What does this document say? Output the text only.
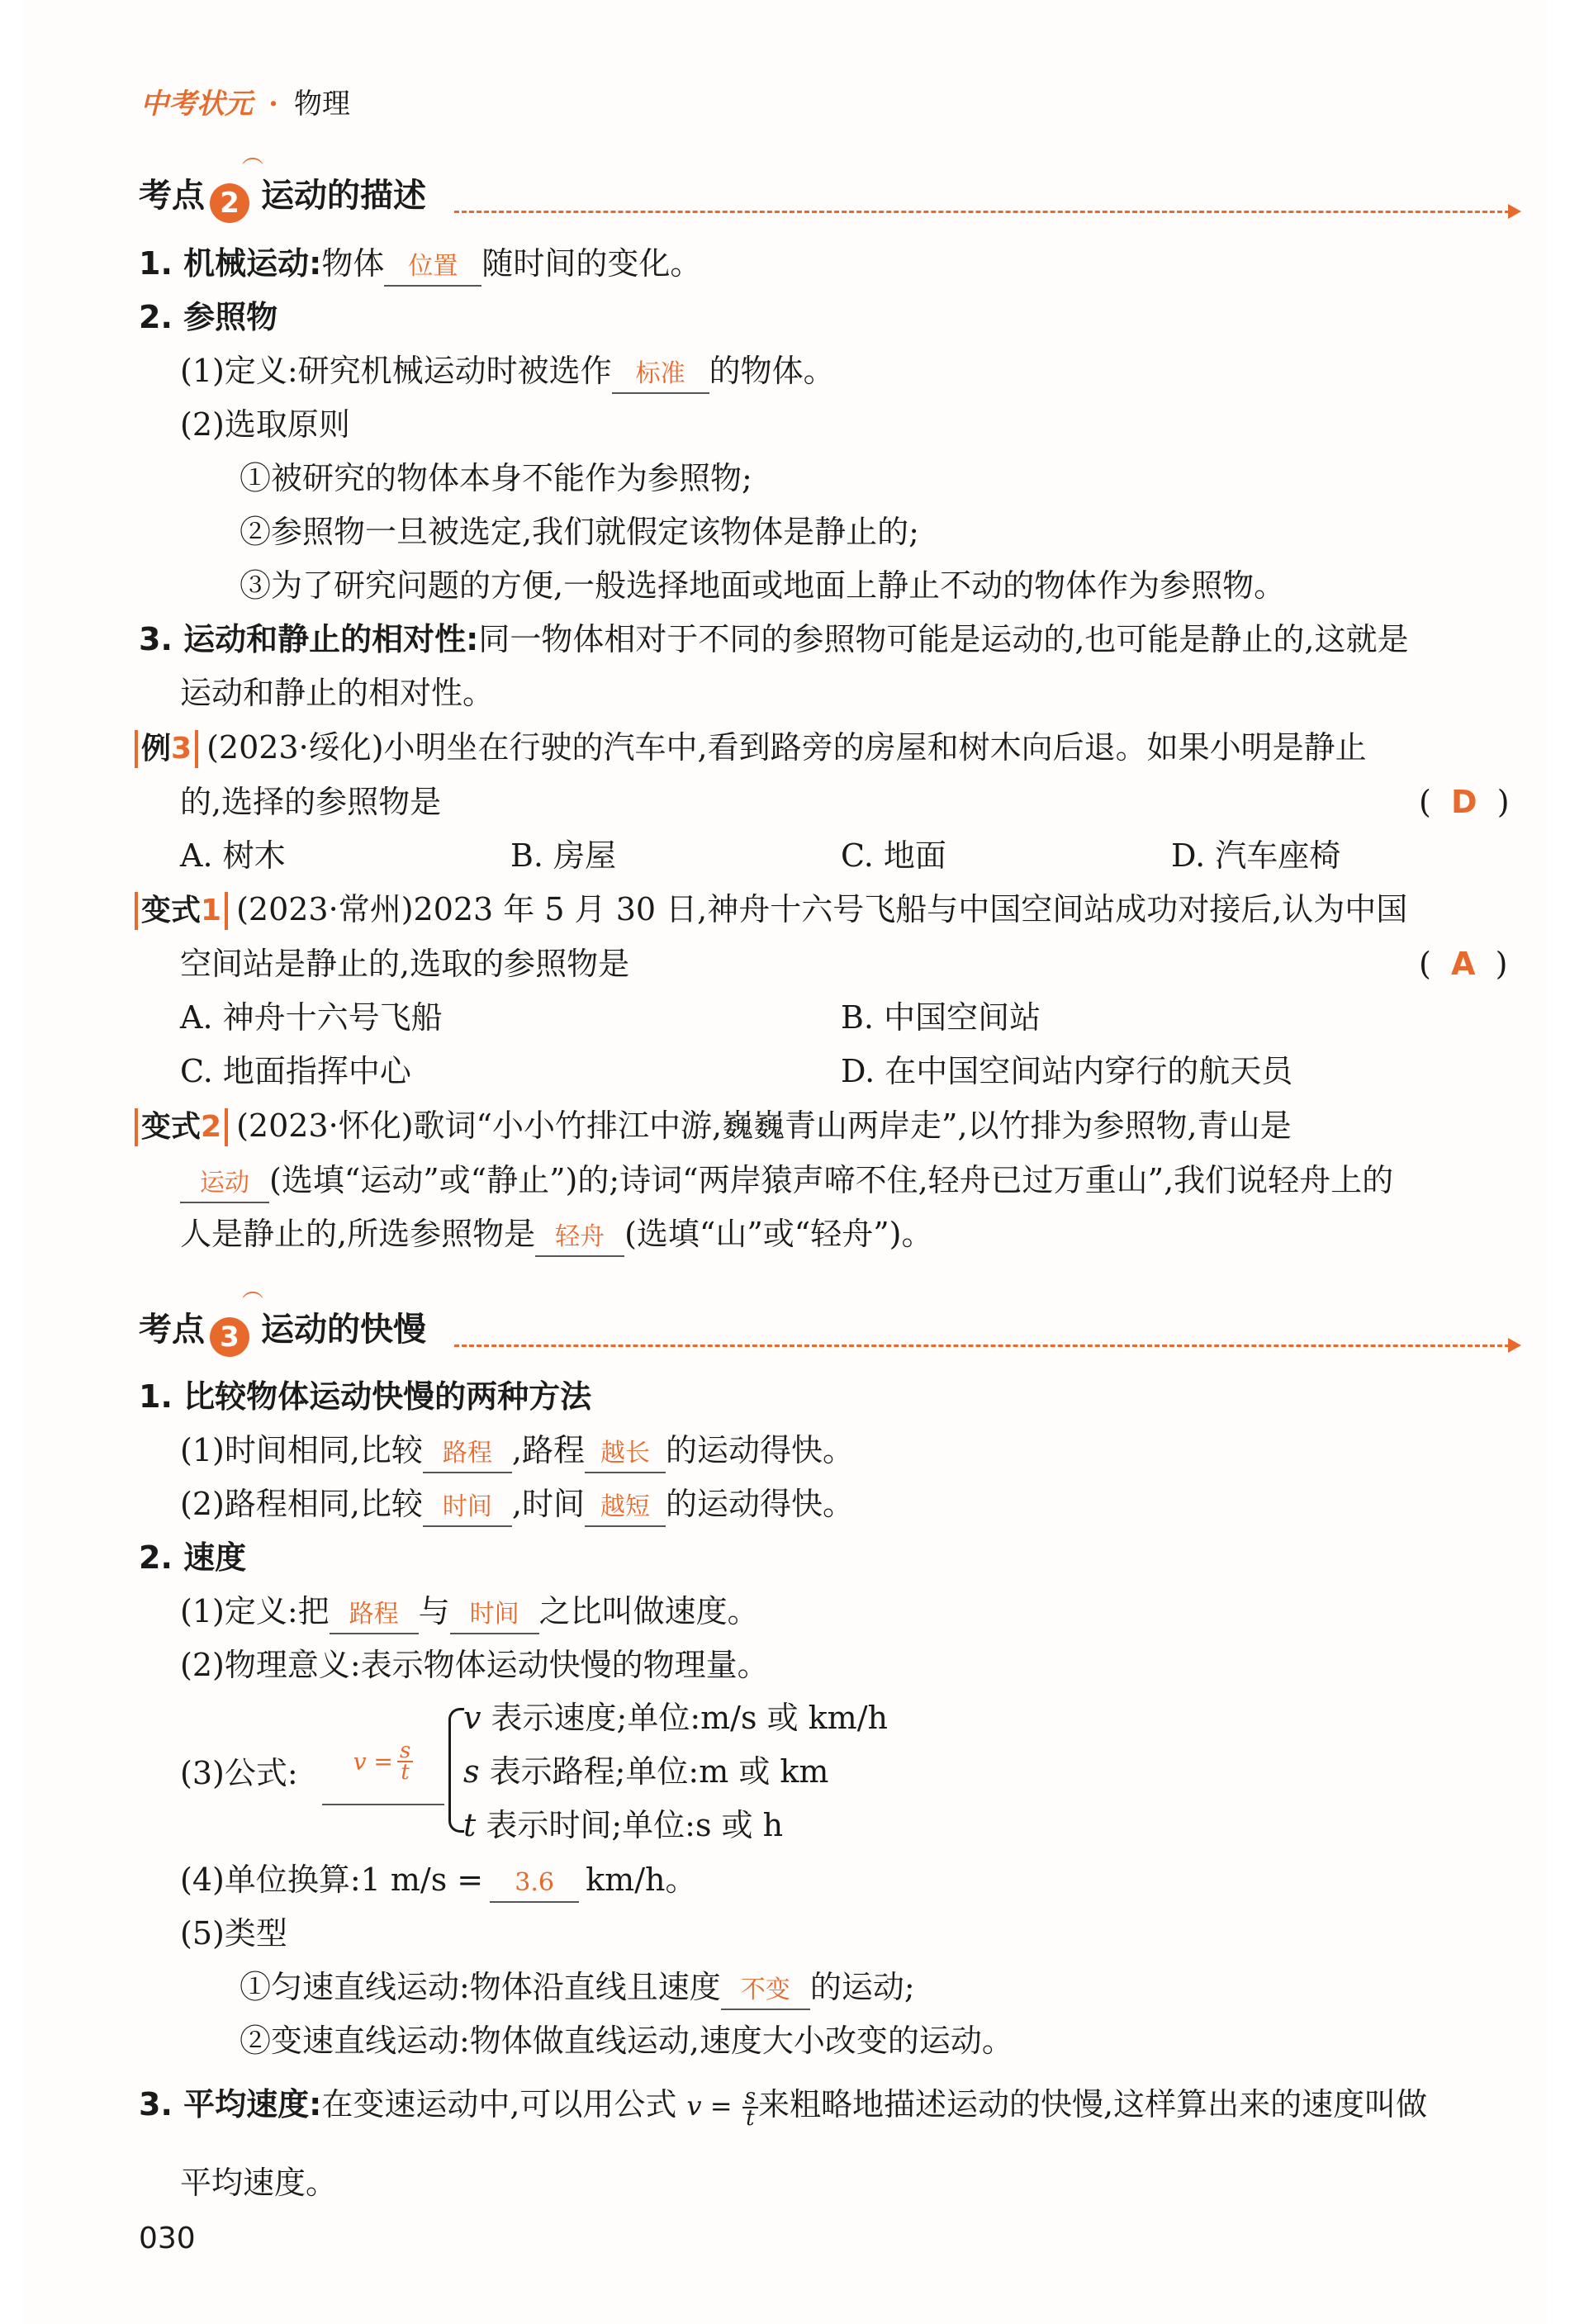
中考状元 · 物理
考点 2 运动的描述
︵
1. 机械运动:物体 位置 随时间的变化。
2. 参照物
(1)定义:研究机械运动时被选作 标准 的物体。
(2)选取原则
①被研究的物体本身不能作为参照物;
②参照物一旦被选定,我们就假定该物体是静止的;
③为了研究问题的方便,一般选择地面或地面上静止不动的物体作为参照物。
3. 运动和静止的相对性:同一物体相对于不同的参照物可能是运动的,也可能是静止的,这就是
运动和静止的相对性。
例3 (2023·绥化)小明坐在行驶的汽车中,看到路旁的房屋和树木向后退。如果小明是静止
的,选择的参照物是	(  D  )
A. 树木	B. 房屋	C. 地面	D. 汽车座椅
变式1 (2023·常州)2023 年 5 月 30 日,神舟十六号飞船与中国空间站成功对接后,认为中国
空间站是静止的,选取的参照物是	(  A  )
A. 神舟十六号飞船	B. 中国空间站
C. 地面指挥中心	D. 在中国空间站内穿行的航天员
变式2 (2023·怀化)歌词“小小竹排江中游,巍巍青山两岸走”,以竹排为参照物,青山是
运动 (选填“运动”或“静止”)的;诗词“两岸猿声啼不住,轻舟已过万重山”,我们说轻舟上的
人是静止的,所选参照物是 轻舟 (选填“山”或“轻舟”)。
考点 3 运动的快慢
︵
1. 比较物体运动快慢的两种方法
(1)时间相同,比较 路程 ,路程 越长 的运动得快。
(2)路程相同,比较 时间 ,时间 越短 的运动得快。
2. 速度
(1)定义:把 路程 与 时间 之比叫做速度。
(2)物理意义:表示物体运动快慢的物理量。
(3)公式:	$v = \frac{s}{t}$
v 表示速度;单位:m/s 或 km/h
s 表示路程;单位:m 或 km
t 表示时间;单位:s 或 h
(4)单位换算:1 m/s = 3.6 km/h。
(5)类型
①匀速直线运动:物体沿直线且速度 不变 的运动;
②变速直线运动:物体做直线运动,速度大小改变的运动。
3. 平均速度:在变速运动中,可以用公式 $v = \frac{s}{t}$ 来粗略地描述运动的快慢,这样算出来的速度叫做
平均速度。
030
